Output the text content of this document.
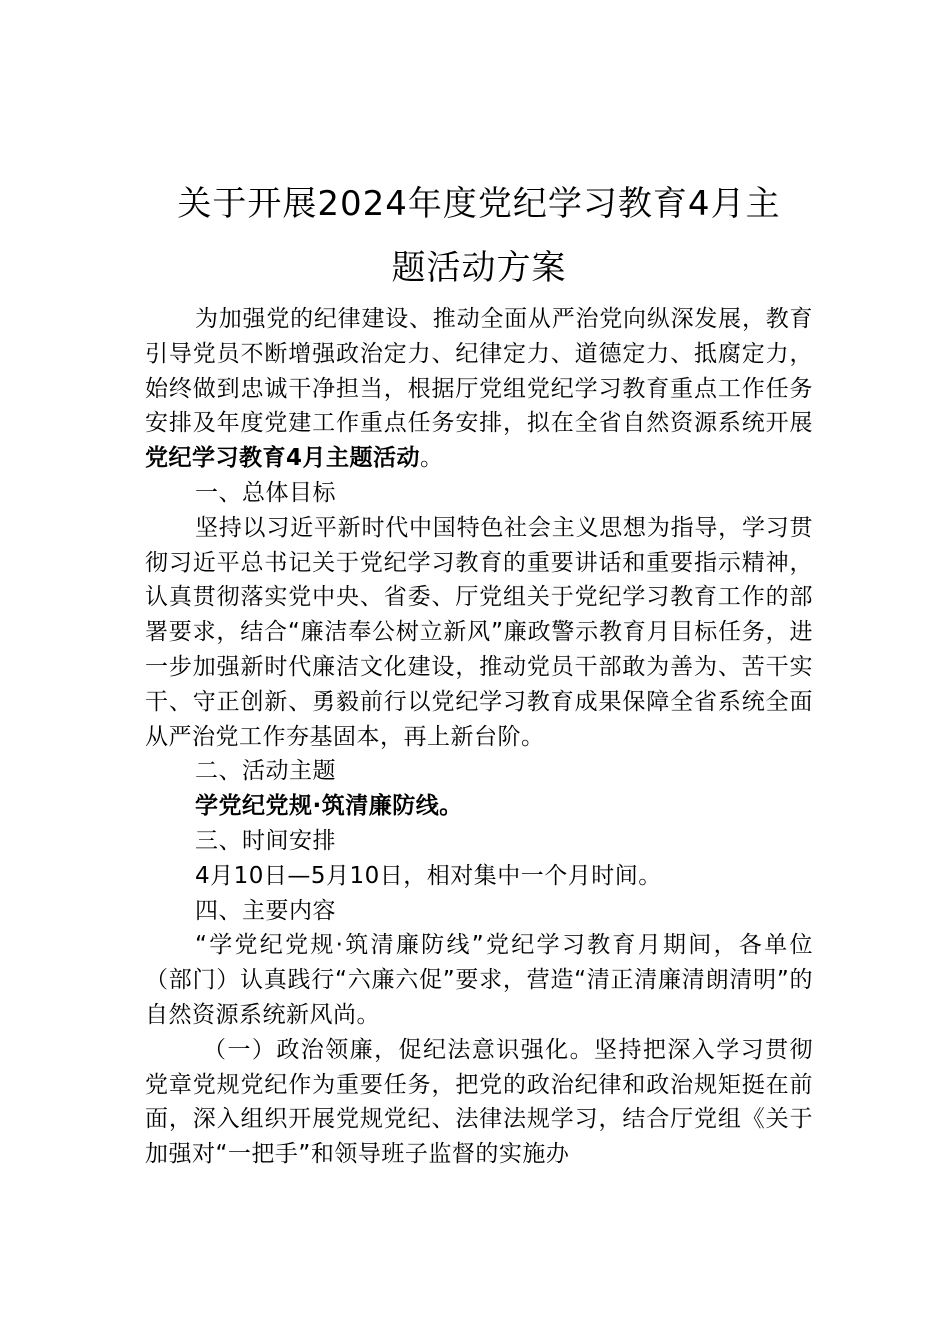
关于开展2024年度党纪学习教育4月主
题活动方案

为加强党的纪律建设、推动全面从严治党向纵深发展，教育引导党员不断增强政治定力、纪律定力、道德定力、抵腐定力，始终做到忠诚干净担当，根据厅党组党纪学习教育重点工作任务安排及年度党建工作重点任务安排，拟在全省自然资源系统开展党纪学习教育4月主题活动。

一、总体目标

坚持以习近平新时代中国特色社会主义思想为指导，学习贯彻习近平总书记关于党纪学习教育的重要讲话和重要指示精神，认真贯彻落实党中央、省委、厅党组关于党纪学习教育工作的部署要求，结合“廉洁奉公树立新风”廉政警示教育月目标任务，进一步加强新时代廉洁文化建设，推动党员干部敢为善为、苦干实干、守正创新、勇毅前行以党纪学习教育成果保障全省系统全面从严治党工作夯基固本，再上新台阶。

二、活动主题

学党纪党规·筑清廉防线。

三、时间安排

4月10日—5月10日，相对集中一个月时间。

四、主要内容

“学党纪党规·筑清廉防线”党纪学习教育月期间，各单位（部门）认真践行“六廉六促”要求，营造“清正清廉清朗清明”的自然资源系统新风尚。

（一）政治领廉，促纪法意识强化。坚持把深入学习贯彻党章党规党纪作为重要任务，把党的政治纪律和政治规矩挺在前面，深入组织开展党规党纪、法律法规学习，结合厅党组《关于加强对“一把手”和领导班子监督的实施办
